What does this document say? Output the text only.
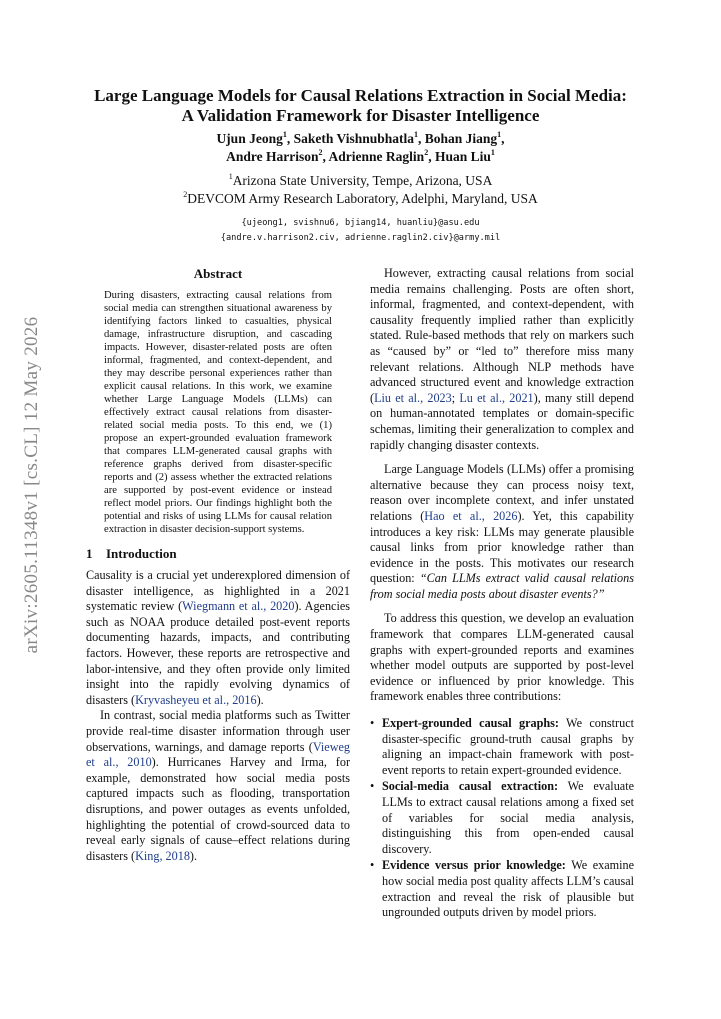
arXiv:2605.11348v1 [cs.CL] 12 May 2026
Large Language Models for Causal Relations Extraction in Social Media:
A Validation Framework for Disaster Intelligence
Ujun Jeong$^1$, Saketh Vishnubhatla$^1$, Bohan Jiang$^1$,
Andre Harrison$^2$, Adrienne Raglin$^2$, Huan Liu$^1$
$^1$Arizona State University, Tempe, Arizona, USA
$^2$DEVCOM Army Research Laboratory, Adelphi, Maryland, USA
{ujeong1, svishnu6, bjiang14, huanliu}@asu.edu
{andre.v.harrison2.civ, adrienne.raglin2.civ}@army.mil
Abstract
During disasters, extracting causal relations from social media can strengthen situational awareness by identifying factors linked to casualties, physical damage, infrastructure disruption, and cascading impacts. However, disaster-related posts are often informal, fragmented, and context-dependent, and they may describe personal experiences rather than explicit causal relations. In this work, we examine whether Large Language Models (LLMs) can effectively extract causal relations from disaster-related social media posts. To this end, we (1) propose an expert-grounded evaluation framework that compares LLM-generated causal graphs with reference graphs derived from disaster-specific reports and (2) assess whether the extracted relations are supported by post-event evidence or instead reflect model priors. Our findings highlight both the potential and risks of using LLMs for causal relation extraction in disaster decision-support systems.
1 Introduction

Causality is a crucial yet underexplored dimension of disaster intelligence, as highlighted in a 2021 systematic review (Wiegmann et al., 2020). Agencies such as NOAA produce detailed post-event reports documenting hazards, impacts, and contributing factors. However, these reports are retrospective and labor-intensive, and they often provide only limited insight into the rapidly evolving dynamics of disasters (Kryvasheyeu et al., 2016).

In contrast, social media platforms such as Twitter provide real-time disaster information through user observations, warnings, and damage reports (Vieweg et al., 2010). Hurricanes Harvey and Irma, for example, demonstrated how social media posts captured impacts such as flooding, transportation disruptions, and power outages as events unfolded, highlighting the potential of crowd-sourced data to reveal early signals of cause–effect relations during disasters (King, 2018).

However, extracting causal relations from social media remains challenging. Posts are often short, informal, fragmented, and context-dependent, with causality frequently implied rather than explicitly stated. Rule-based methods that rely on markers such as “caused by” or “led to” therefore miss many relevant relations. Although NLP methods have advanced structured event and knowledge extraction (Liu et al., 2023; Lu et al., 2021), many still depend on human-annotated templates or domain-specific schemas, limiting their generalization to complex and rapidly changing disaster contexts.

Large Language Models (LLMs) offer a promising alternative because they can process noisy text, reason over incomplete context, and infer unstated relations (Hao et al., 2026). Yet, this capability introduces a key risk: LLMs may generate plausible causal links from prior knowledge rather than evidence in the posts. This motivates our research question: “Can LLMs extract valid causal relations from social media posts about disaster events?”

To address this question, we develop an evaluation framework that compares LLM-generated causal graphs with expert-grounded reports and examines whether model outputs are supported by post-level evidence or influenced by prior knowledge. This framework enables three contributions:

• Expert-grounded causal graphs: We construct disaster-specific ground-truth causal graphs by aligning an impact-chain framework with post-event reports to retain expert-grounded evidence.
• Social-media causal extraction: We evaluate LLMs to extract causal relations among a fixed set of variables for social media analysis, distinguishing this from open-ended causal discovery.
• Evidence versus prior knowledge: We examine how social media post quality affects LLM’s causal extraction and reveal the risk of plausible but ungrounded outputs driven by model priors.
